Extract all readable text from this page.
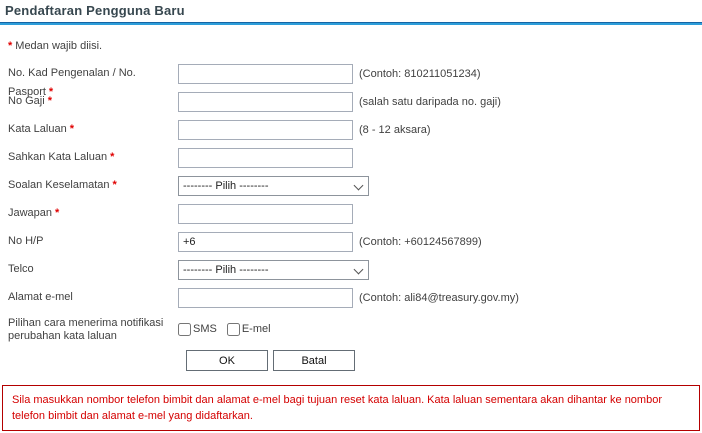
Pendaftaran Pengguna Baru
* Medan wajib diisi.
No. Kad Pengenalan / No. Pasport *
(Contoh: 810211051234)
No Gaji *	(salah satu daripada no. gaji)
Kata Laluan *	(8 - 12 aksara)
Sahkan Kata Laluan *
Soalan Keselamatan *
-------- Pilih --------
Jawapan *
No H/P
+6	(Contoh: +60124567899)
Telco
-------- Pilih --------
Alamat e-mel	(Contoh: ali84@treasury.gov.my)
Pilihan cara menerima notifikasi perubahan kata laluan
SMS E-mel
OK	Batal
Sila masukkan nombor telefon bimbit dan alamat e-mel bagi tujuan reset kata laluan. Kata laluan sementara akan dihantar ke nombor telefon bimbit dan alamat e-mel yang didaftarkan.
